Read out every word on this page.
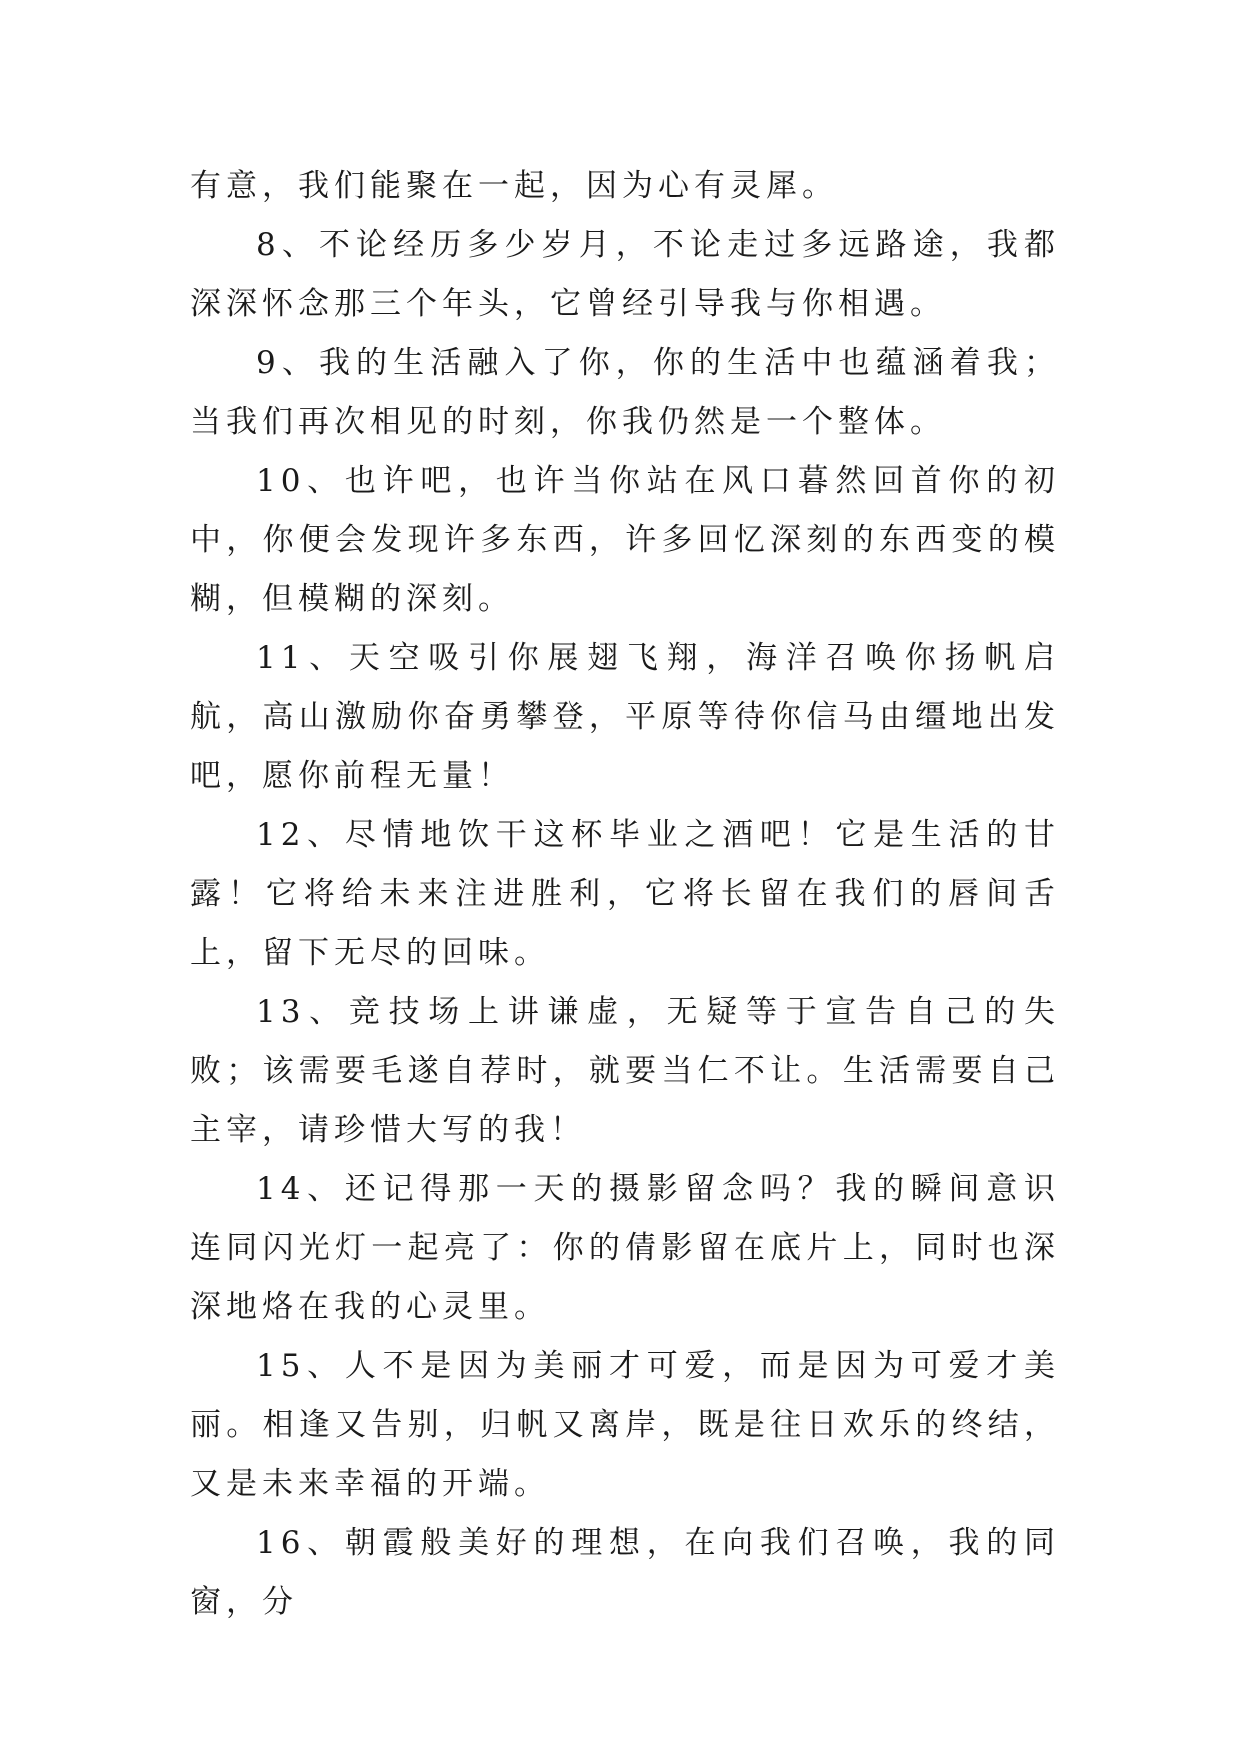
有意，我们能聚在一起，因为心有灵犀。

8、不论经历多少岁月，不论走过多远路途，我都深深怀念那三个年头，它曾经引导我与你相遇。

9、我的生活融入了你，你的生活中也蕴涵着我；当我们再次相见的时刻，你我仍然是一个整体。

10、也许吧，也许当你站在风口暮然回首你的初中，你便会发现许多东西，许多回忆深刻的东西变的模糊，但模糊的深刻。

11、天空吸引你展翅飞翔，海洋召唤你扬帆启航，高山激励你奋勇攀登，平原等待你信马由缰地出发吧，愿你前程无量！

12、尽情地饮干这杯毕业之酒吧！它是生活的甘露！它将给未来注进胜利，它将长留在我们的唇间舌上，留下无尽的回味。

13、竞技场上讲谦虚，无疑等于宣告自己的失败；该需要毛遂自荐时，就要当仁不让。生活需要自己主宰，请珍惜大写的我！

14、还记得那一天的摄影留念吗？我的瞬间意识连同闪光灯一起亮了：你的倩影留在底片上，同时也深深地烙在我的心灵里。

15、人不是因为美丽才可爱，而是因为可爱才美丽。相逢又告别，归帆又离岸，既是往日欢乐的终结，又是未来幸福的开端。

16、朝霞般美好的理想，在向我们召唤，我的同窗，分
